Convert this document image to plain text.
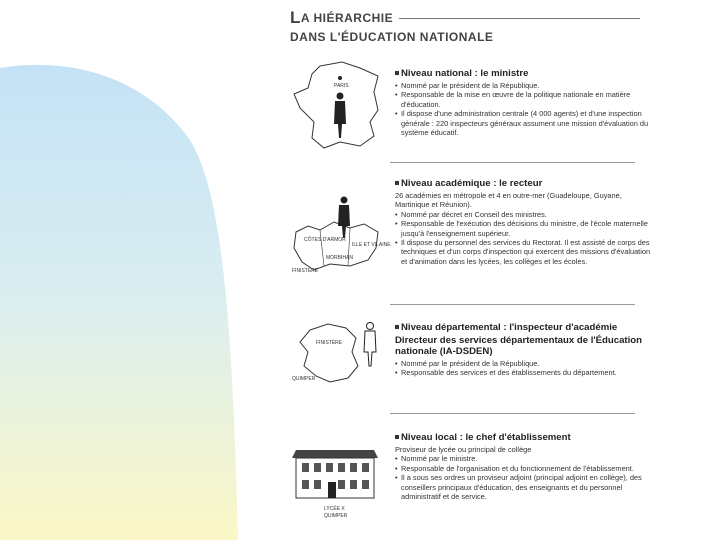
L A HIÉRARCHIE
DANS L'ÉDUCATION NATIONALE
PARIS
Niveau national : le ministre
• Nommé par le président de la République.
• Responsable de la mise en œuvre de la politique nationale en matière d'éducation.
• Il dispose d'une administration centrale (4 000 agents) et d'une inspection générale : 220 inspecteurs généraux assument une mission d'évaluation du système éducatif.
CÔTES D'ARMOR
ILLE ET VILAINE
MORBIHAN
FINISTÈRE
Niveau académique : le recteur
26 académies en métropole et 4 en outre-mer (Guadeloupe, Guyane, Martinique et Réunion).
• Nommé par décret en Conseil des ministres.
• Responsable de l'exécution des décisions du ministre, de l'école maternelle jusqu'à l'enseignement supérieur.
• Il dispose du personnel des services du Rectorat. Il est assisté de corps des techniques et d'un corps d'inspection qui exercent des missions d'évaluation et d'animation dans les lycées, les collèges et les écoles.
FINISTÈRE
QUIMPER
Niveau départemental : l'inspecteur d'académie
Directeur des services départementaux de l'Éducation nationale (IA-DSDEN)
• Nommé par le président de la République.
• Responsable des services et des établissements du département.
LYCÉE X
QUIMPER
Niveau local : le chef d'établissement
Proviseur de lycée ou principal de collège
• Nommé par le ministre.
• Responsable de l'organisation et du fonctionnement de l'établissement.
• Il a sous ses ordres un proviseur adjoint (principal adjoint en collège), des conseillers principaux d'éducation, des enseignants et du personnel administratif et de service.
